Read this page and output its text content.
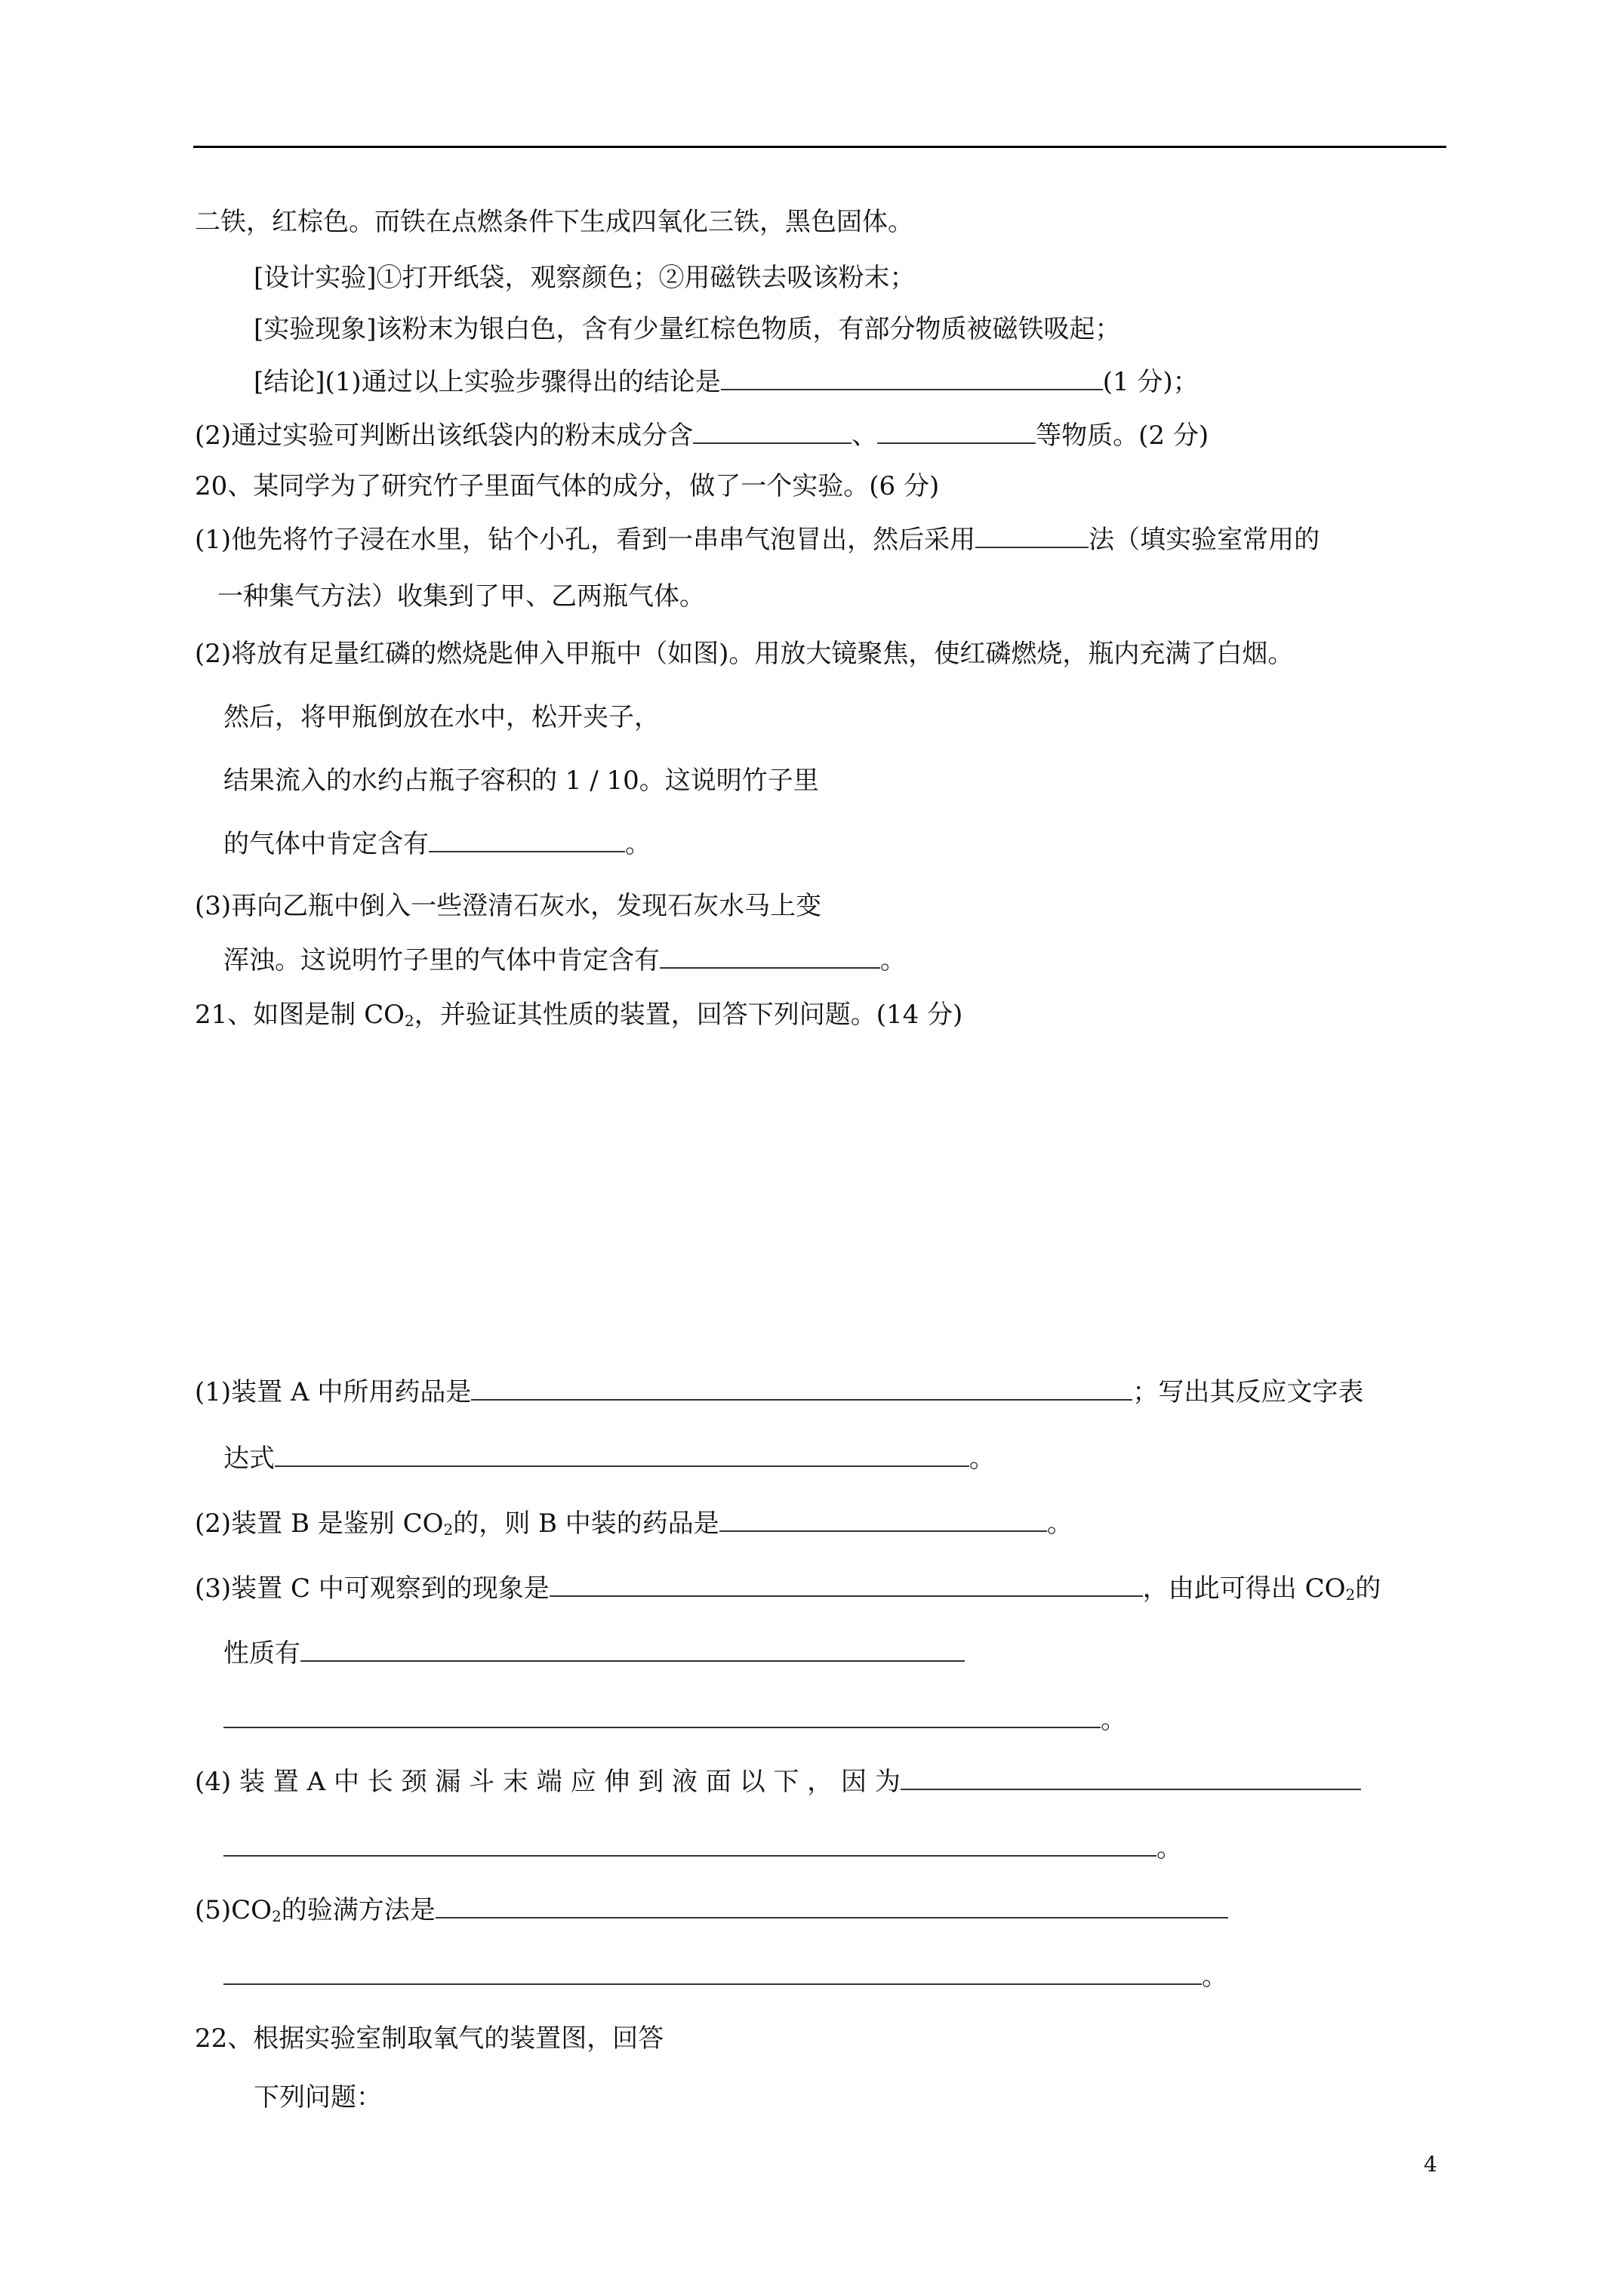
二铁，红棕色。而铁在点燃条件下生成四氧化三铁，黑色固体。
[设计实验]①打开纸袋，观察颜色；②用磁铁去吸该粉末；
[实验现象]该粉末为银白色，含有少量红棕色物质，有部分物质被磁铁吸起；
[结论](1)通过以上实验步骤得出的结论是	(1 分)；
(2)通过实验可判断出该纸袋内的粉末成分含	、	等物质。(2 分)
20、某同学为了研究竹子里面气体的成分，做了一个实验。(6 分)
(1)他先将竹子浸在水里，钻个小孔，看到一串串气泡冒出，然后采用	法（填实验室常用的
一种集气方法）收集到了甲、乙两瓶气体。
(2)将放有足量红磷的燃烧匙伸入甲瓶中（如图)。用放大镜聚焦，使红磷燃烧，瓶内充满了白烟。
然后，将甲瓶倒放在水中，松开夹子，
结果流入的水约占瓶子容积的 1 / 10。这说明竹子里
的气体中肯定含有	。
(3)再向乙瓶中倒入一些澄清石灰水，发现石灰水马上变
浑浊。这说明竹子里的气体中肯定含有	。
21、如图是制 $CO_2$，并验证其性质的装置，回答下列问题。(14 分)
(1)装置 A 中所用药品是	；写出其反应文字表
达式	。
(2)装置 B 是鉴别 $CO_2$的，则 B 中装的药品是	。
(3)装置 C 中可观察到的现象是	，由此可得出 $CO_2$的
性质有
。
(4) 装 置 A 中 长 颈 漏 斗 末 端 应 伸 到 液 面 以 下 ， 因 为
。
$(5)CO_2$的验满方法是
。
22、根据实验室制取氧气的装置图，回答
下列问题：
4
